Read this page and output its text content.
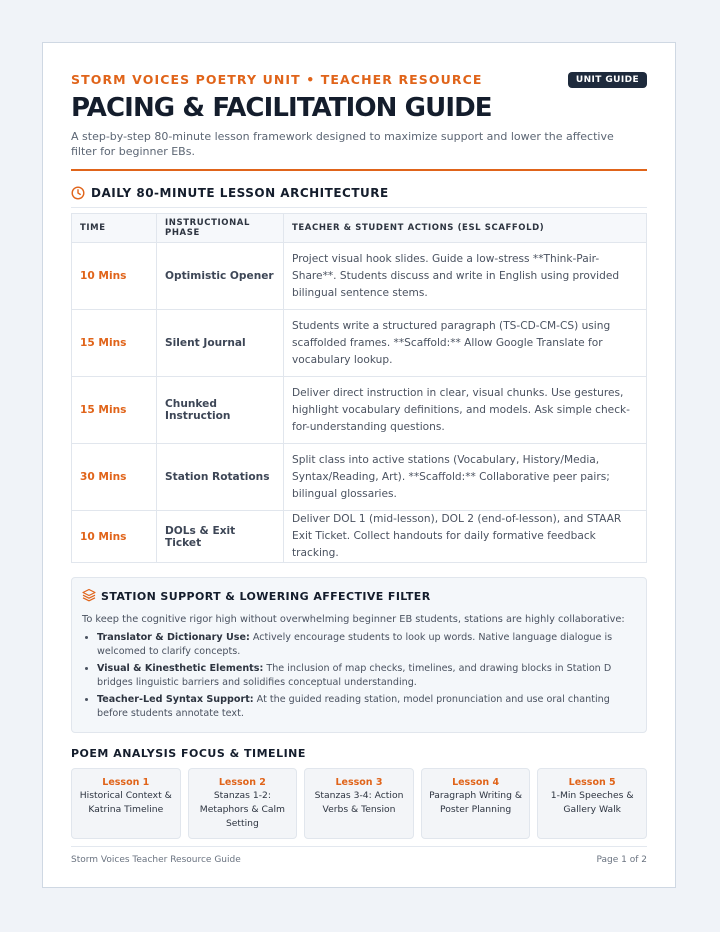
STORM VOICES POETRY UNIT • TEACHER RESOURCE	UNIT GUIDE
PACING & FACILITATION GUIDE

A step-by-step 80-minute lesson framework designed to maximize support and lower the affective filter for beginner EBs.

DAILY 80-MINUTE LESSON ARCHITECTURE
TIME	INSTRUCTIONAL PHASE	TEACHER & STUDENT ACTIONS (ESL SCAFFOLD)
10 Mins	Optimistic Opener	Project visual hook slides. Guide a low-stress **Think-Pair-Share**. Students discuss and write in English using provided bilingual sentence stems.
15 Mins	Silent Journal	Students write a structured paragraph (TS-CD-CM-CS) using scaffolded frames. **Scaffold:** Allow Google Translate for vocabulary lookup.
15 Mins	Chunked Instruction	Deliver direct instruction in clear, visual chunks. Use gestures, highlight vocabulary definitions, and models. Ask simple check-for-understanding questions.
30 Mins	Station Rotations	Split class into active stations (Vocabulary, History/Media, Syntax/Reading, Art). **Scaffold:** Collaborative peer pairs; bilingual glossaries.
10 Mins	DOLs & Exit Ticket	Deliver DOL 1 (mid-lesson), DOL 2 (end-of-lesson), and STAAR Exit Ticket. Collect handouts for daily formative feedback tracking.
STATION SUPPORT & LOWERING AFFECTIVE FILTER
To keep the cognitive rigor high without overwhelming beginner EB students, stations are highly collaborative:
• Translator & Dictionary Use: Actively encourage students to look up words. Native language dialogue is welcomed to clarify concepts.
• Visual & Kinesthetic Elements: The inclusion of map checks, timelines, and drawing blocks in Station D bridges linguistic barriers and solidifies conceptual understanding.
• Teacher-Led Syntax Support: At the guided reading station, model pronunciation and use oral chanting before students annotate text.
POEM ANALYSIS FOCUS & TIMELINE
Lesson 1
Historical Context & Katrina Timeline
Lesson 2
Stanzas 1-2: Metaphors & Calm Setting
Lesson 3
Stanzas 3-4: Action Verbs & Tension
Lesson 4
Paragraph Writing & Poster Planning
Lesson 5
1-Min Speeches & Gallery Walk
Storm Voices Teacher Resource Guide	Page 1 of 2
